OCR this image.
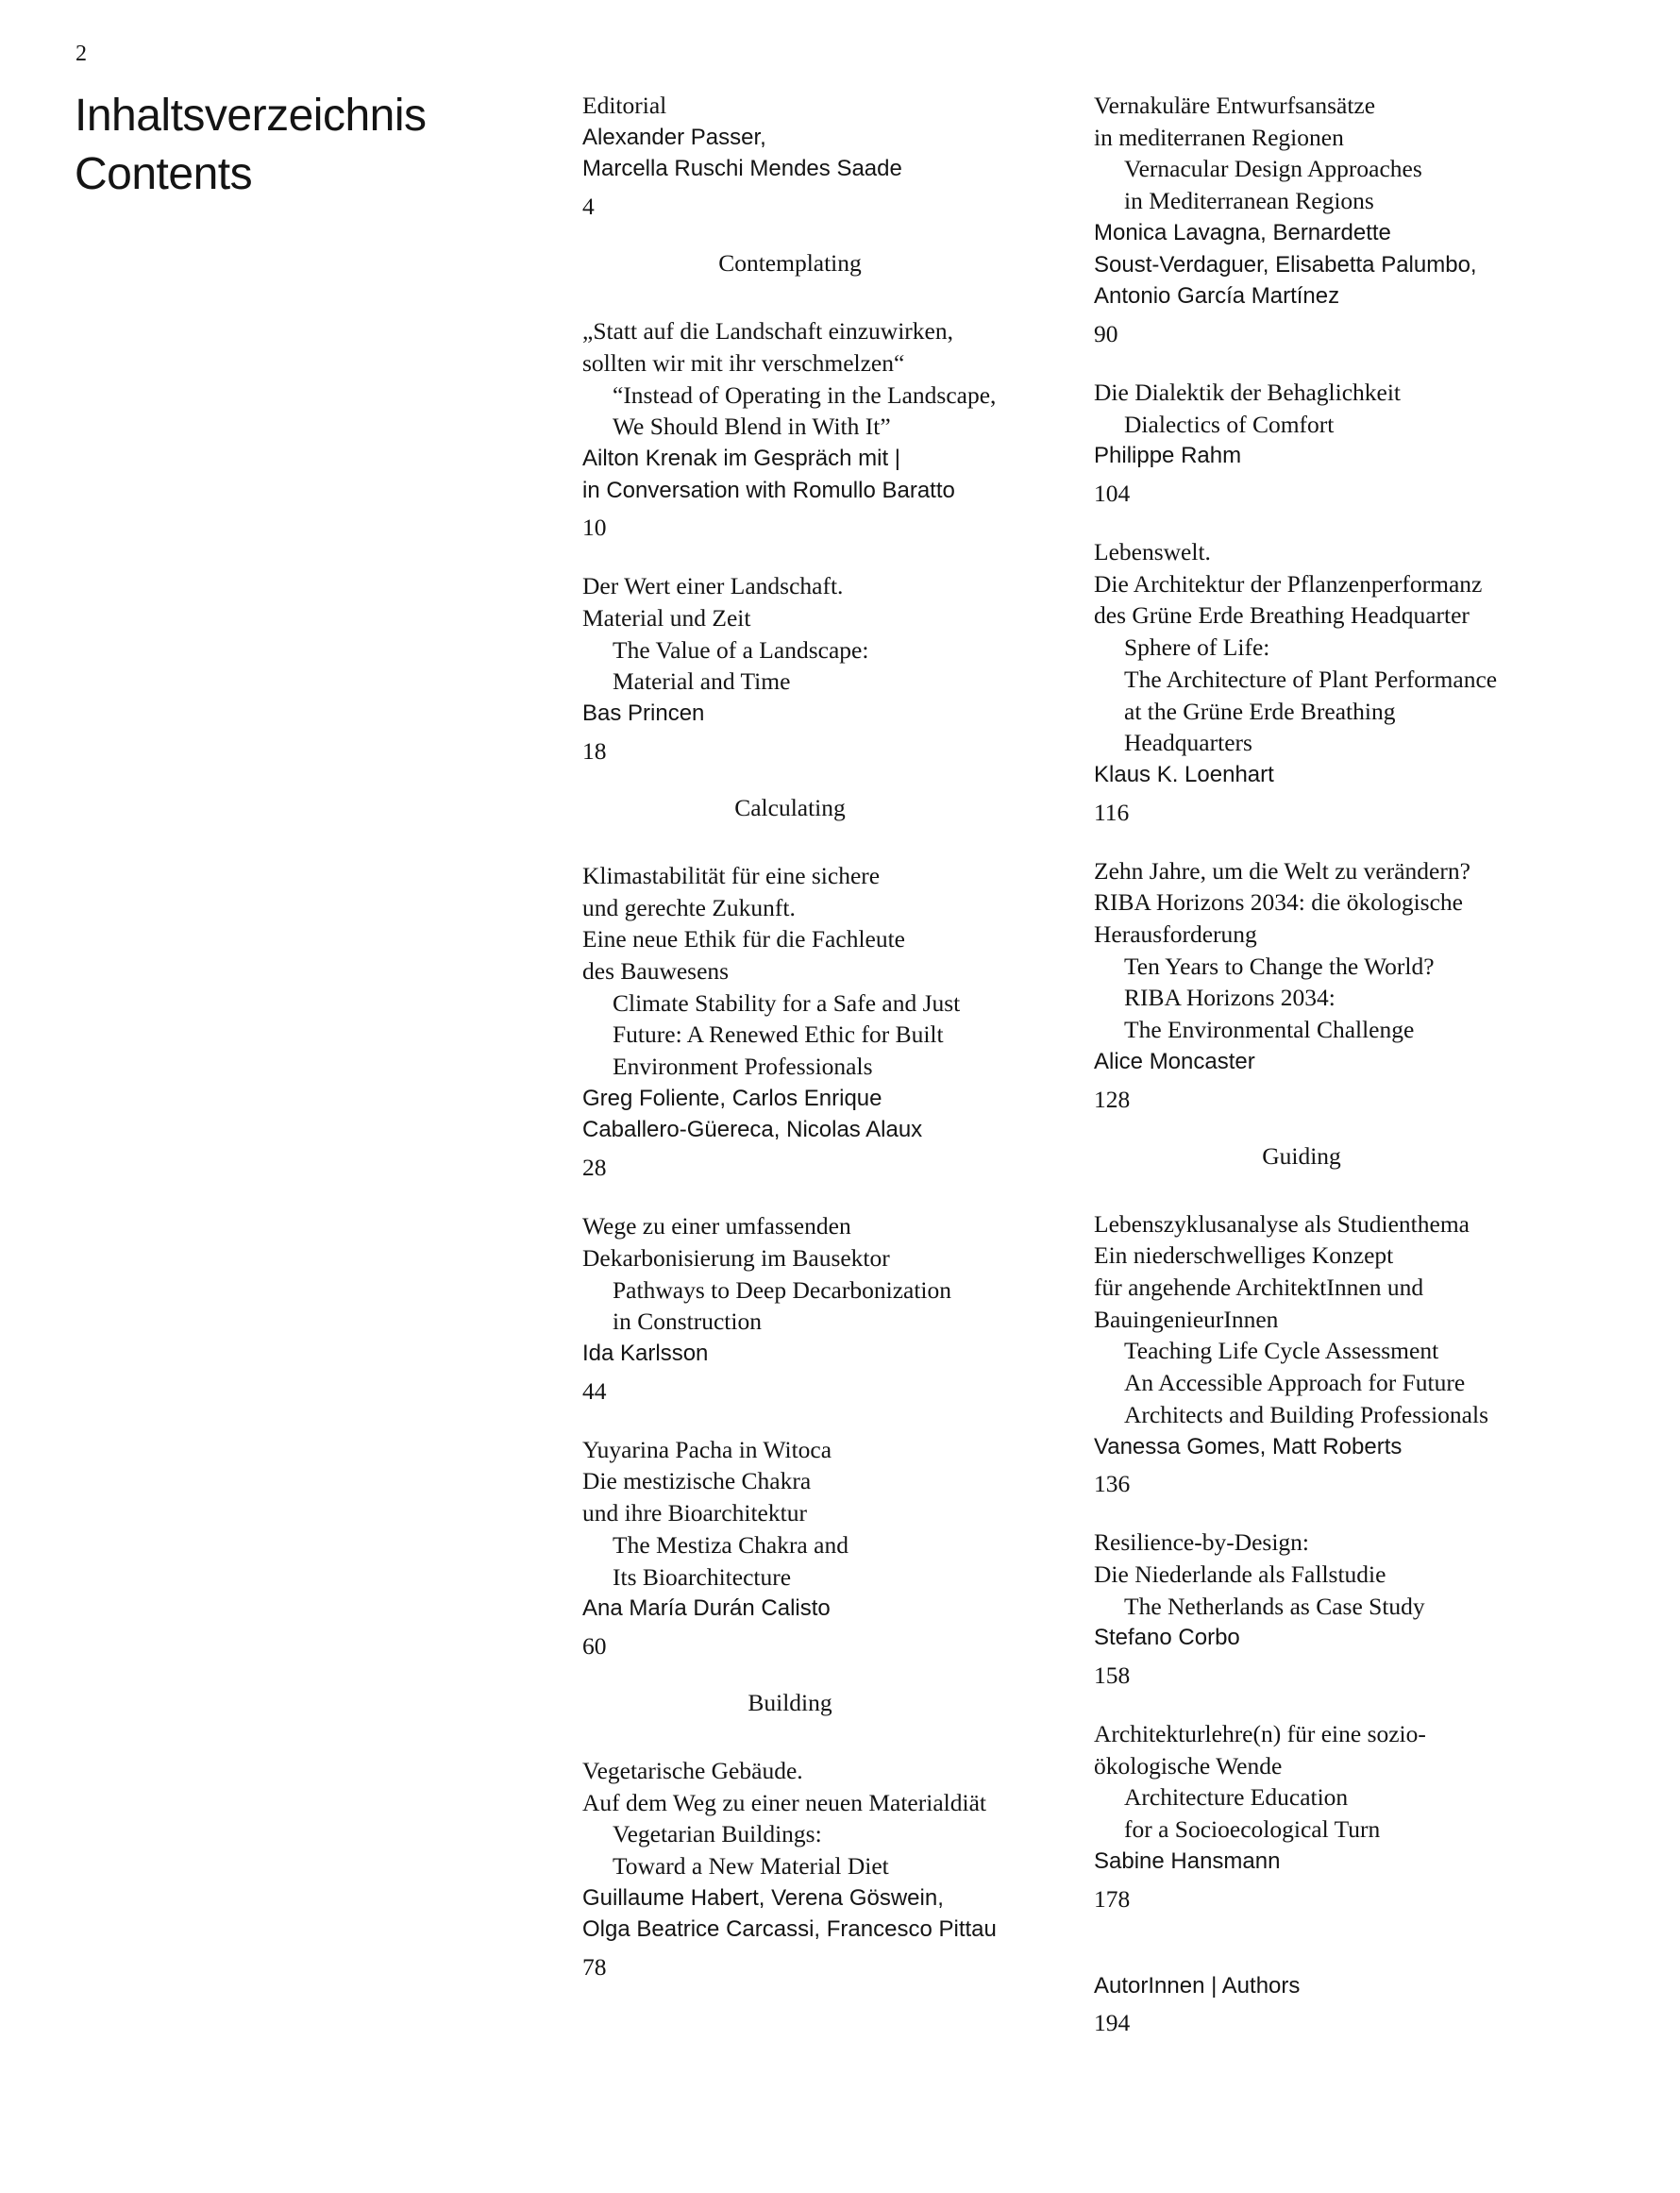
2
Inhaltsverzeichnis
Contents
Editorial
Alexander Passer,
Marcella Ruschi Mendes Saade
4
Contemplating
„Statt auf die Landschaft einzuwirken,
sollten wir mit ihr verschmelzen“
“Instead of Operating in the Landscape,
We Should Blend in With It”
Ailton Krenak im Gespräch mit |
in Conversation with Romullo Baratto
10
Der Wert einer Landschaft.
Material und Zeit
The Value of a Landscape:
Material and Time
Bas Princen
18
Calculating
Klimastabilität für eine sichere
und gerechte Zukunft.
Eine neue Ethik für die Fachleute
des Bauwesens
Climate Stability for a Safe and Just
Future: A Renewed Ethic for Built
Environment Professionals
Greg Foliente, Carlos Enrique
Caballero-Güereca, Nicolas Alaux
28
Wege zu einer umfassenden
Dekarbonisierung im Bausektor
Pathways to Deep Decarbonization
in Construction
Ida Karlsson
44
Yuyarina Pacha in Witoca
Die mestizische Chakra
und ihre Bioarchitektur
The Mestiza Chakra and
Its Bioarchitecture
Ana María Durán Calisto
60
Building
Vegetarische Gebäude.
Auf dem Weg zu einer neuen Materialdiät
Vegetarian Buildings:
Toward a New Material Diet
Guillaume Habert, Verena Göswein,
Olga Beatrice Carcassi, Francesco Pittau
78
Vernakuläre Entwurfsansätze
in mediterranen Regionen
Vernacular Design Approaches
in Mediterranean Regions
Monica Lavagna, Bernardette
Soust-Verdaguer, Elisabetta Palumbo,
Antonio García Martínez
90
Die Dialektik der Behaglichkeit
Dialectics of Comfort
Philippe Rahm
104
Lebenswelt.
Die Architektur der Pflanzenperformanz
des Grüne Erde Breathing Headquarter
Sphere of Life:
The Architecture of Plant Performance
at the Grüne Erde Breathing
Headquarters
Klaus K. Loenhart
116
Zehn Jahre, um die Welt zu verändern?
RIBA Horizons 2034: die ökologische
Herausforderung
Ten Years to Change the World?
RIBA Horizons 2034:
The Environmental Challenge
Alice Moncaster
128
Guiding
Lebenszyklusanalyse als Studienthema
Ein niederschwelliges Konzept
für angehende ArchitektInnen und
BauingenieurInnen
Teaching Life Cycle Assessment
An Accessible Approach for Future
Architects and Building Professionals
Vanessa Gomes, Matt Roberts
136
Resilience-by-Design:
Die Niederlande als Fallstudie
The Netherlands as Case Study
Stefano Corbo
158
Architekturlehre(n) für eine sozio-
ökologische Wende
Architecture Education
for a Socioecological Turn
Sabine Hansmann
178
AutorInnen | Authors
194
